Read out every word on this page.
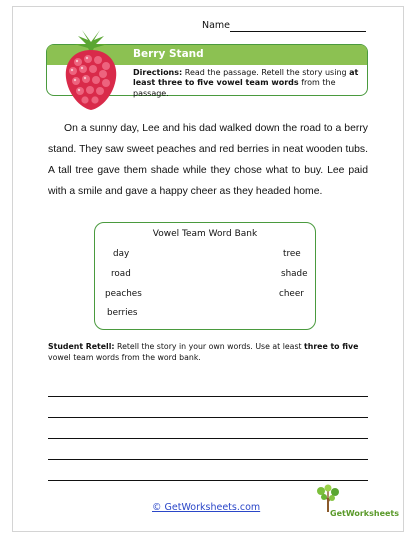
Name
Berry Stand
Directions: Read the passage. Retell the story using at least three to five vowel team words from the passage.

On a sunny day, Lee and his dad walked down the road to a berry stand. They saw sweet peaches and red berries in neat wooden tubs. A tall tree gave them shade while they chose what to buy. Lee paid with a smile and gave a happy cheer as they headed home.

Vowel Team Word Bank
day
road
peaches
berries
tree
shade
cheer
Student Retell: Retell the story in your own words. Use at least three to five vowel team words from the word bank.
© GetWorksheets.com
GetWorksheets
